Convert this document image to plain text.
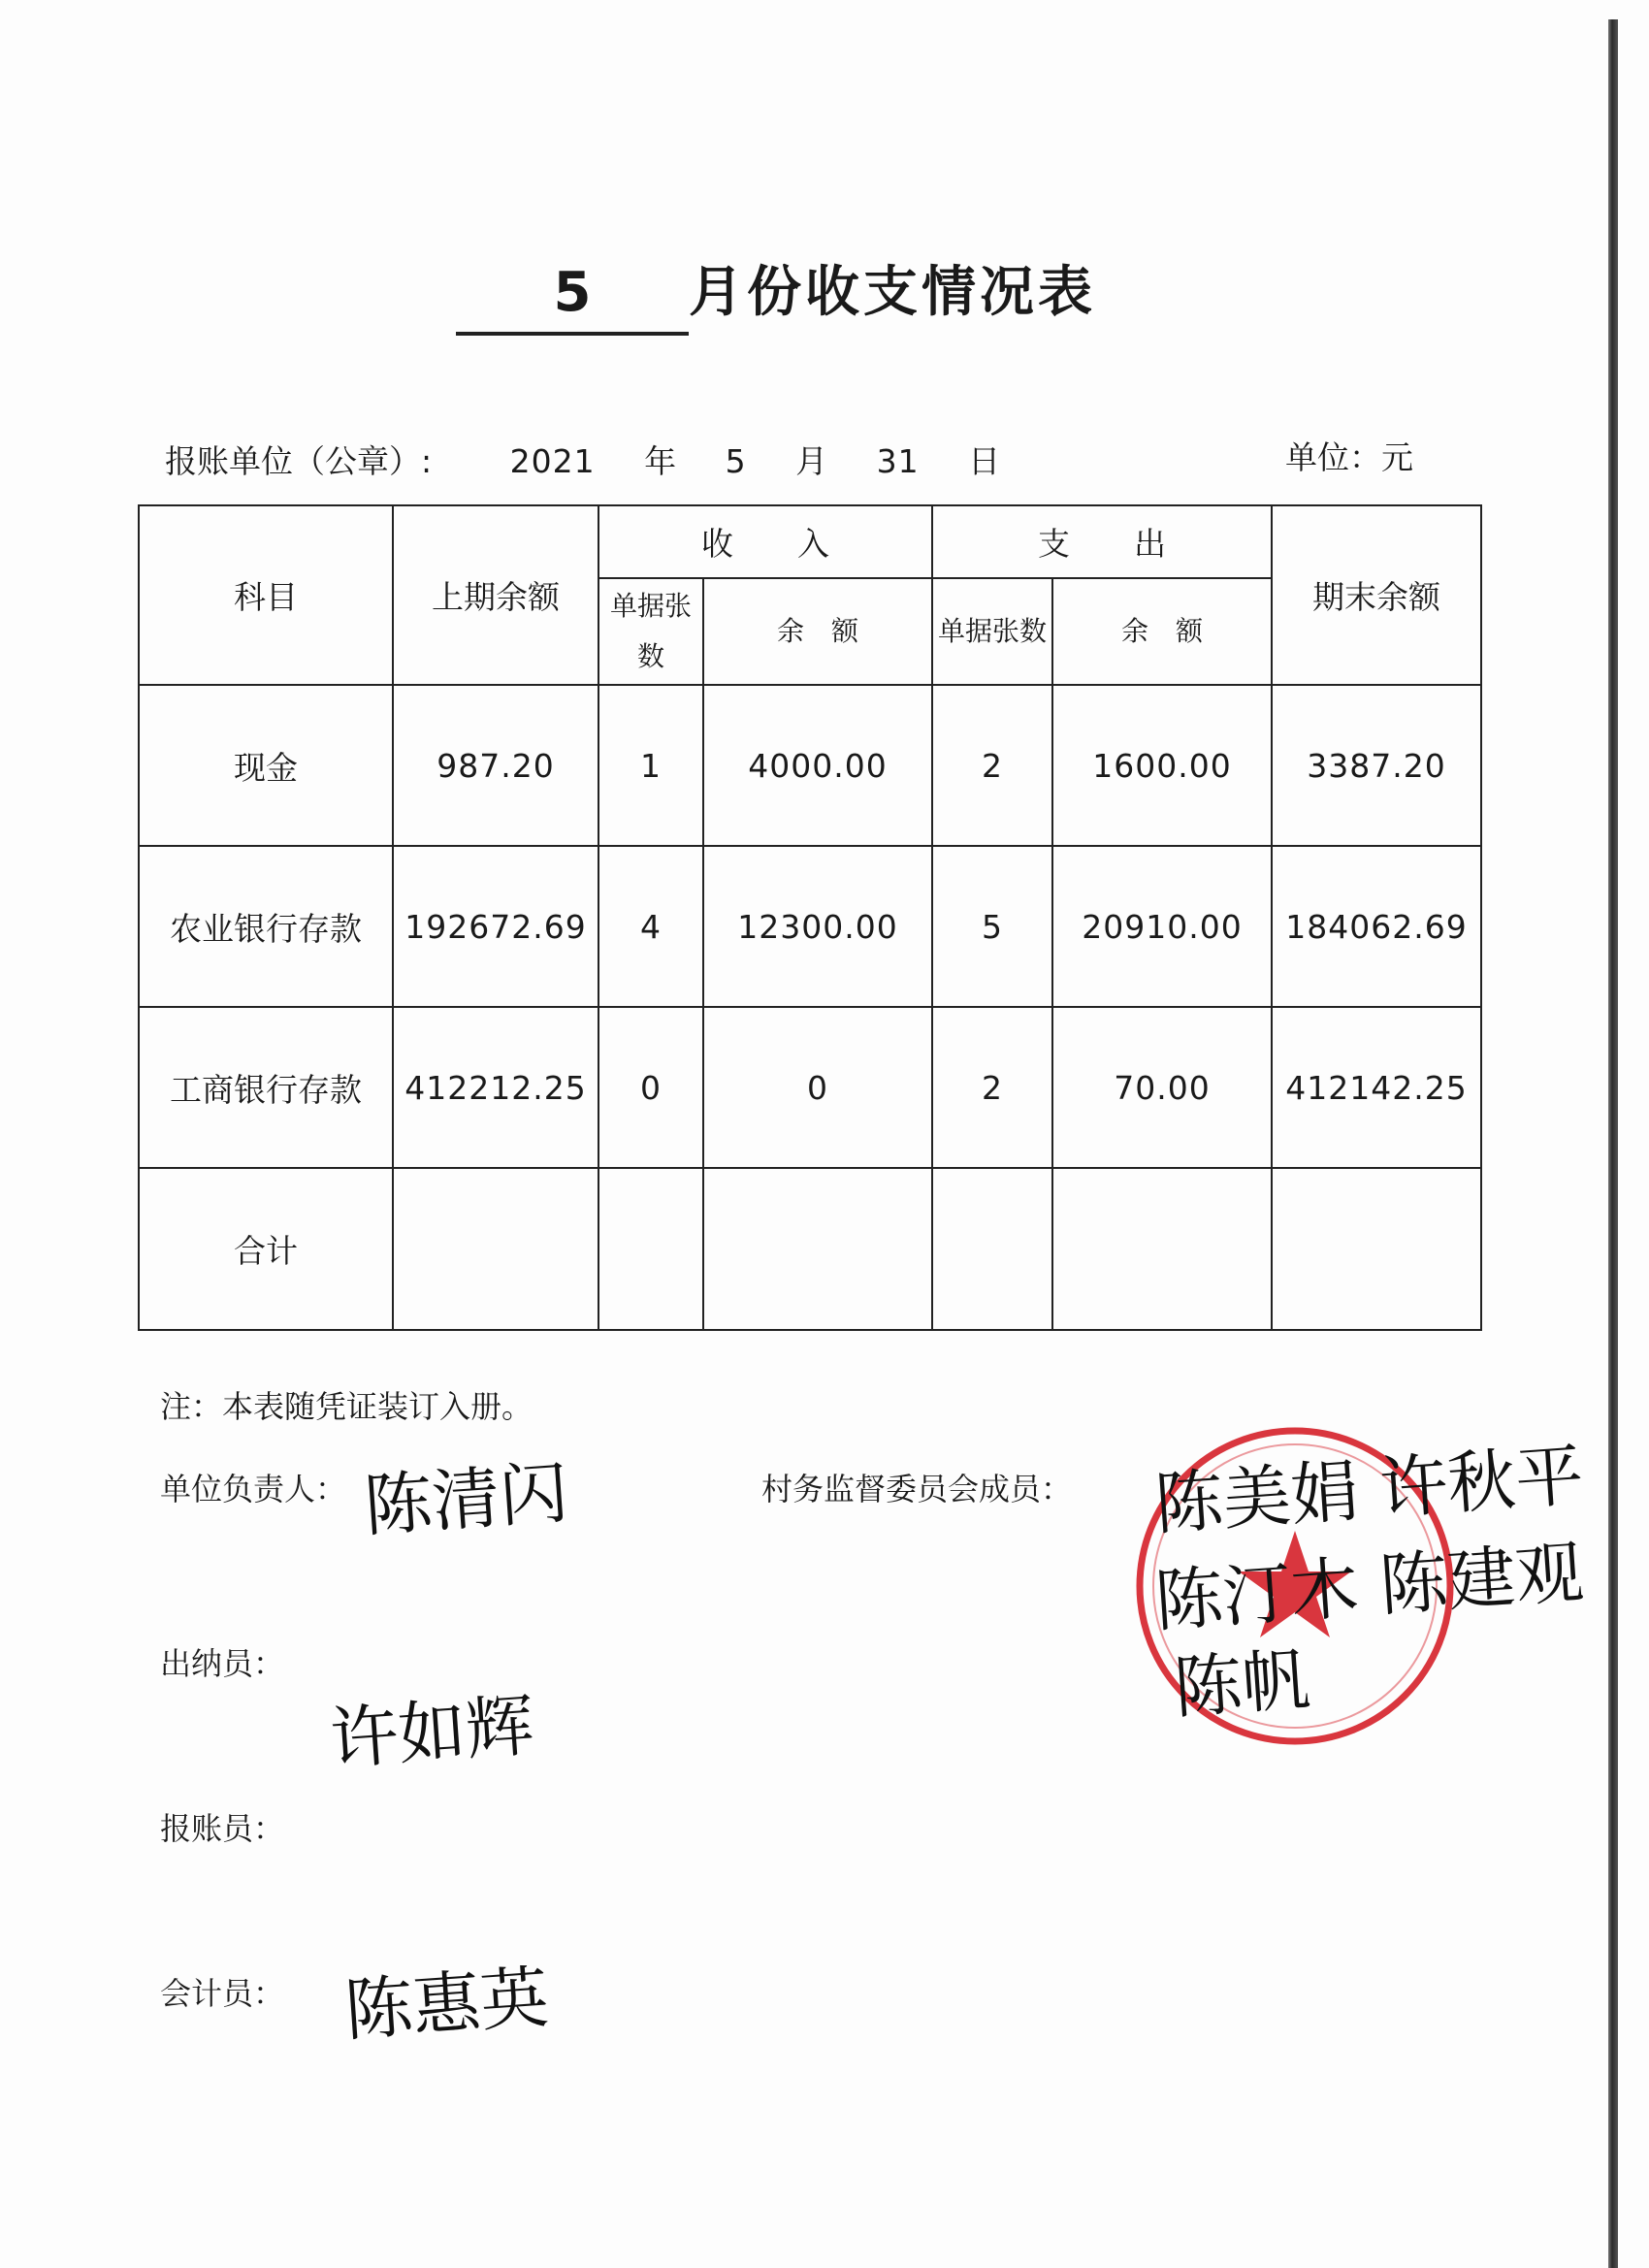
5	月份收支情况表
报账单位（公章）: 2021 年 5 月 31 日	单位：元
科目	上期余额	收　　入		支　　出		期末余额
		单据张数	余　额	单据张数	余　额	
现金	987.20	1	4000.00	2	1600.00	3387.20
农业银行存款	192672.69	4	12300.00	5	20910.00	184062.69
工商银行存款	412212.25	0	0	2	70.00	412142.25
合计						
注：本表随凭证装订入册。
单位负责人：	村务监督委员会成员：
出纳员：
报账员：
会计员：
陈清闪	陈美娟 许秋平
陈汀木 陈建观
陈帆
许如辉
陈惠英
